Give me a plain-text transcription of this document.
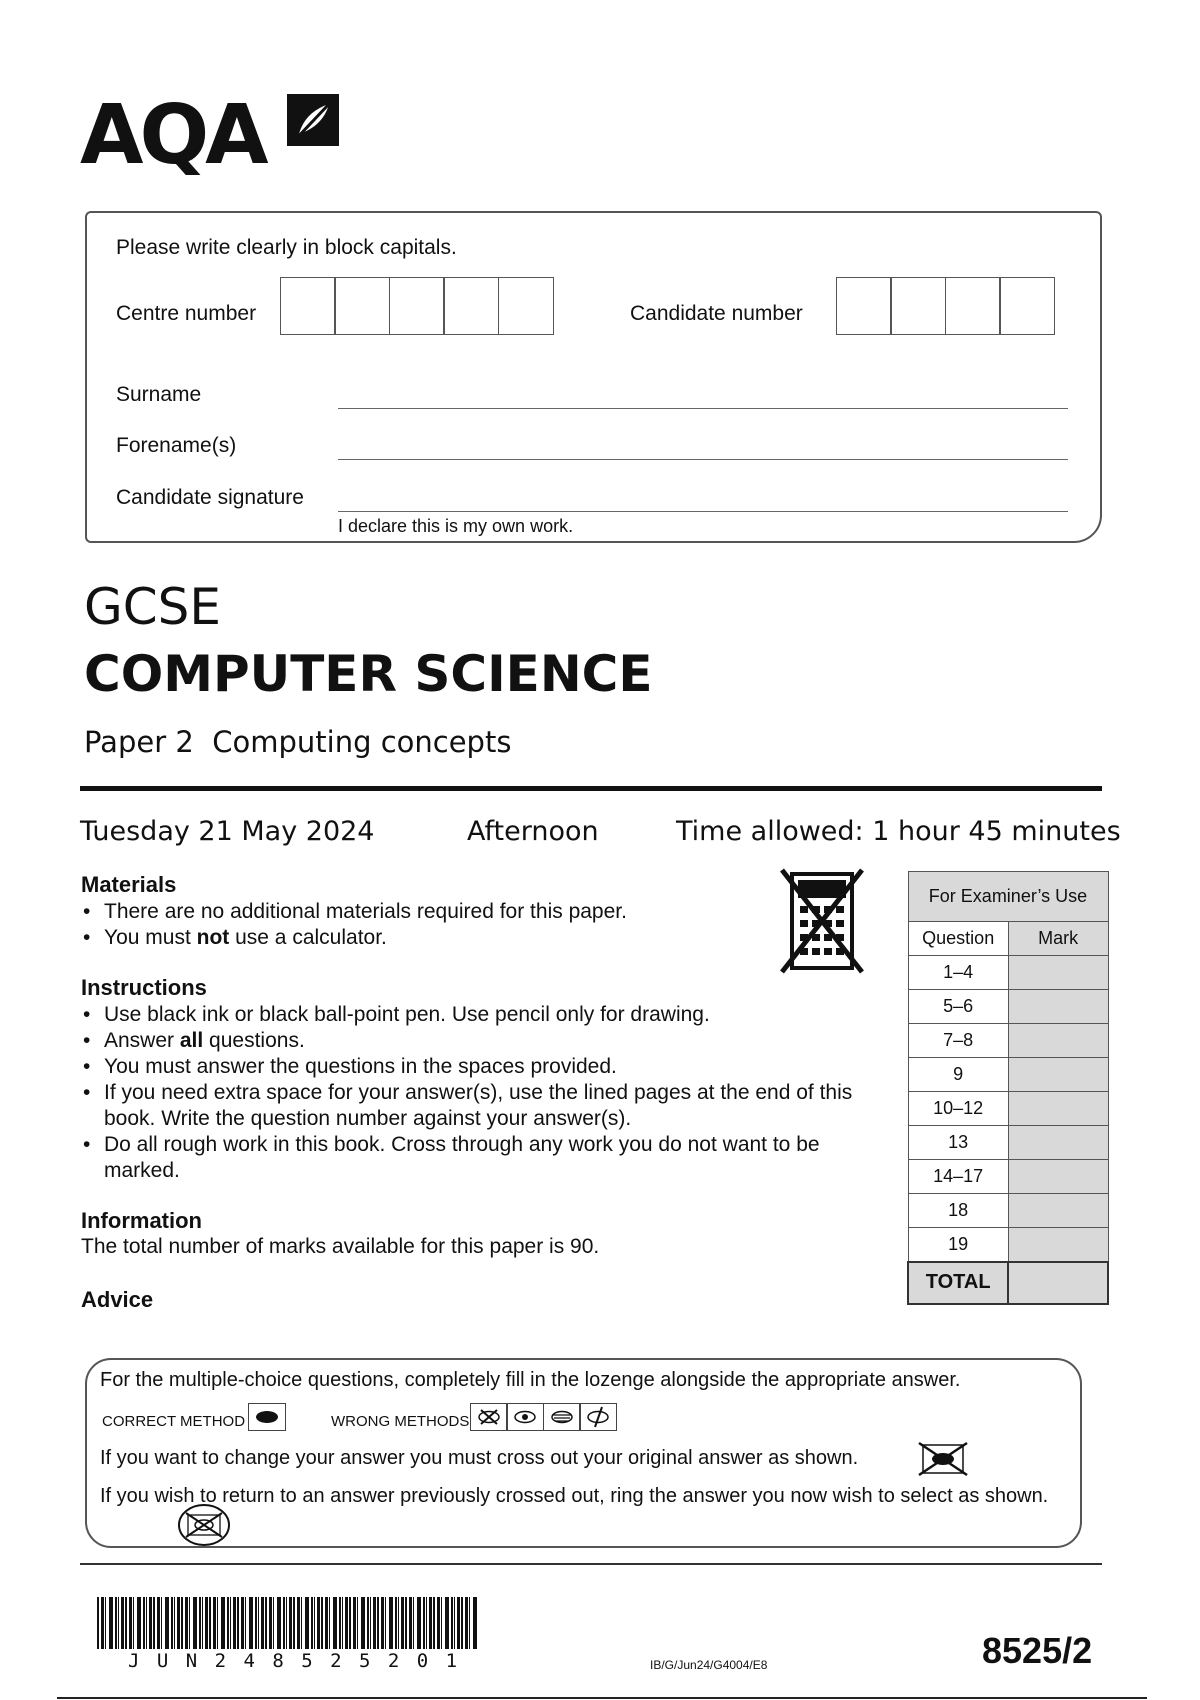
AQA
Please write clearly in block capitals.
Centre number	Candidate number
Surname
Forename(s)
Candidate signature
I declare this is my own work.
GCSE
COMPUTER SCIENCE
Paper 2  Computing concepts
Tuesday 21 May 2024	Afternoon	Time allowed: 1 hour 45 minutes
Materials
• There are no additional materials required for this paper.
• You must not use a calculator.
Instructions
• Use black ink or black ball-point pen. Use pencil only for drawing.
• Answer all questions.
• You must answer the questions in the spaces provided.
• If you need extra space for your answer(s), use the lined pages at the end of this book. Write the question number against your answer(s).
• Do all rough work in this book. Cross through any work you do not want to be marked.
Information
The total number of marks available for this paper is 90.
Advice
For Examiner’s Use	
Question	Mark
1–4	
5–6	
7–8	
9	
10–12	
13	
14–17	
18	
19	
TOTAL	
For the multiple-choice questions, completely fill in the lozenge alongside the appropriate answer.
CORRECT METHOD	WRONG METHODS
If you want to change your answer you must cross out your original answer as shown.
If you wish to return to an answer previously crossed out, ring the answer you now wish to select as shown.
J U N 2 4 8 5 2 5 2 0 1	IB/G/Jun24/G4004/E8	8525/2
